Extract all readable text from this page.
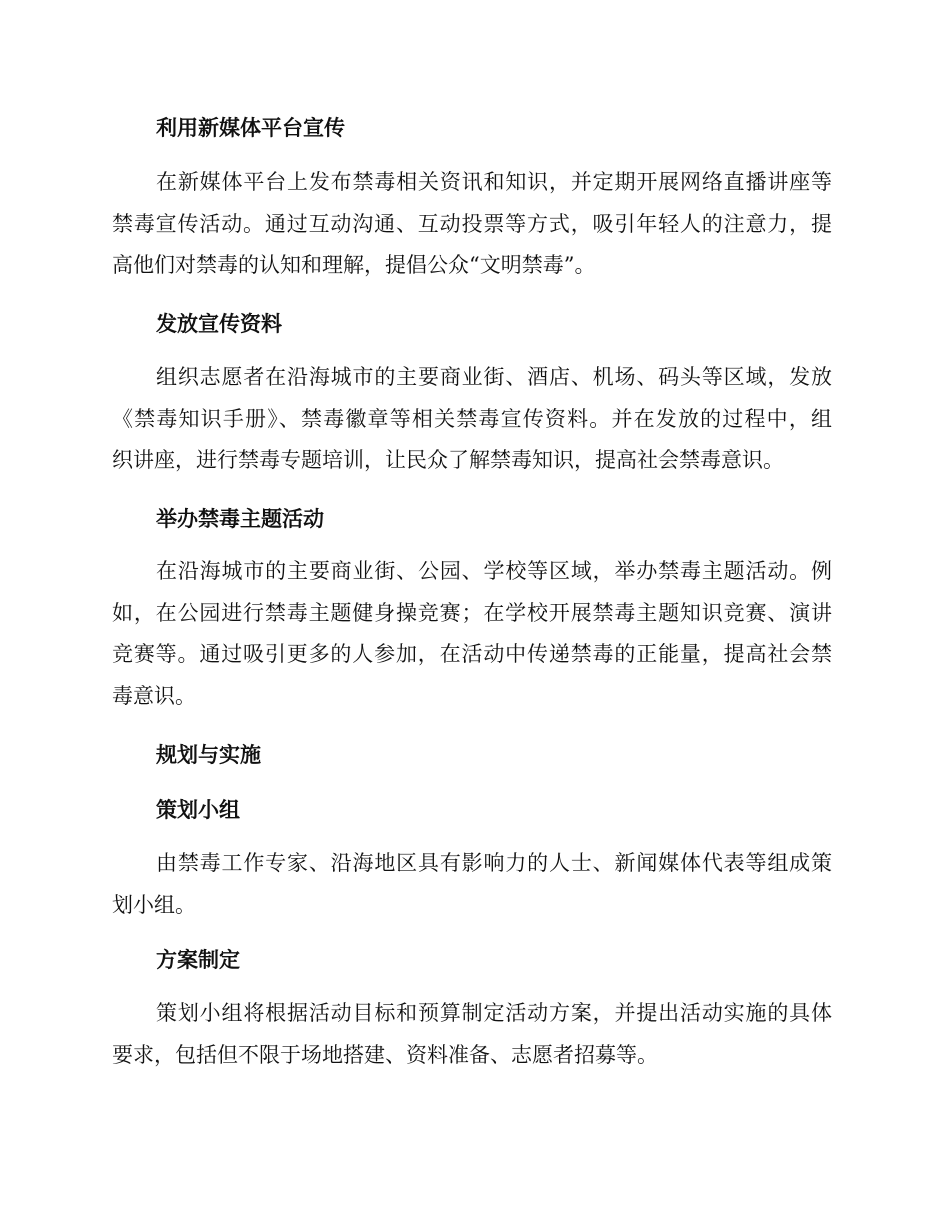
利用新媒体平台宣传
在新媒体平台上发布禁毒相关资讯和知识，并定期开展网络直播讲座等
禁毒宣传活动。通过互动沟通、互动投票等方式，吸引年轻人的注意力，提
高他们对禁毒的认知和理解，提倡公众“文明禁毒”。
发放宣传资料
组织志愿者在沿海城市的主要商业街、酒店、机场、码头等区域，发放
《禁毒知识手册》、禁毒徽章等相关禁毒宣传资料。并在发放的过程中，组
织讲座，进行禁毒专题培训，让民众了解禁毒知识，提高社会禁毒意识。
举办禁毒主题活动
在沿海城市的主要商业街、公园、学校等区域，举办禁毒主题活动。例
如，在公园进行禁毒主题健身操竞赛；在学校开展禁毒主题知识竞赛、演讲
竞赛等。通过吸引更多的人参加，在活动中传递禁毒的正能量，提高社会禁
毒意识。
规划与实施
策划小组
由禁毒工作专家、沿海地区具有影响力的人士、新闻媒体代表等组成策
划小组。
方案制定
策划小组将根据活动目标和预算制定活动方案，并提出活动实施的具体
要求，包括但不限于场地搭建、资料准备、志愿者招募等。
